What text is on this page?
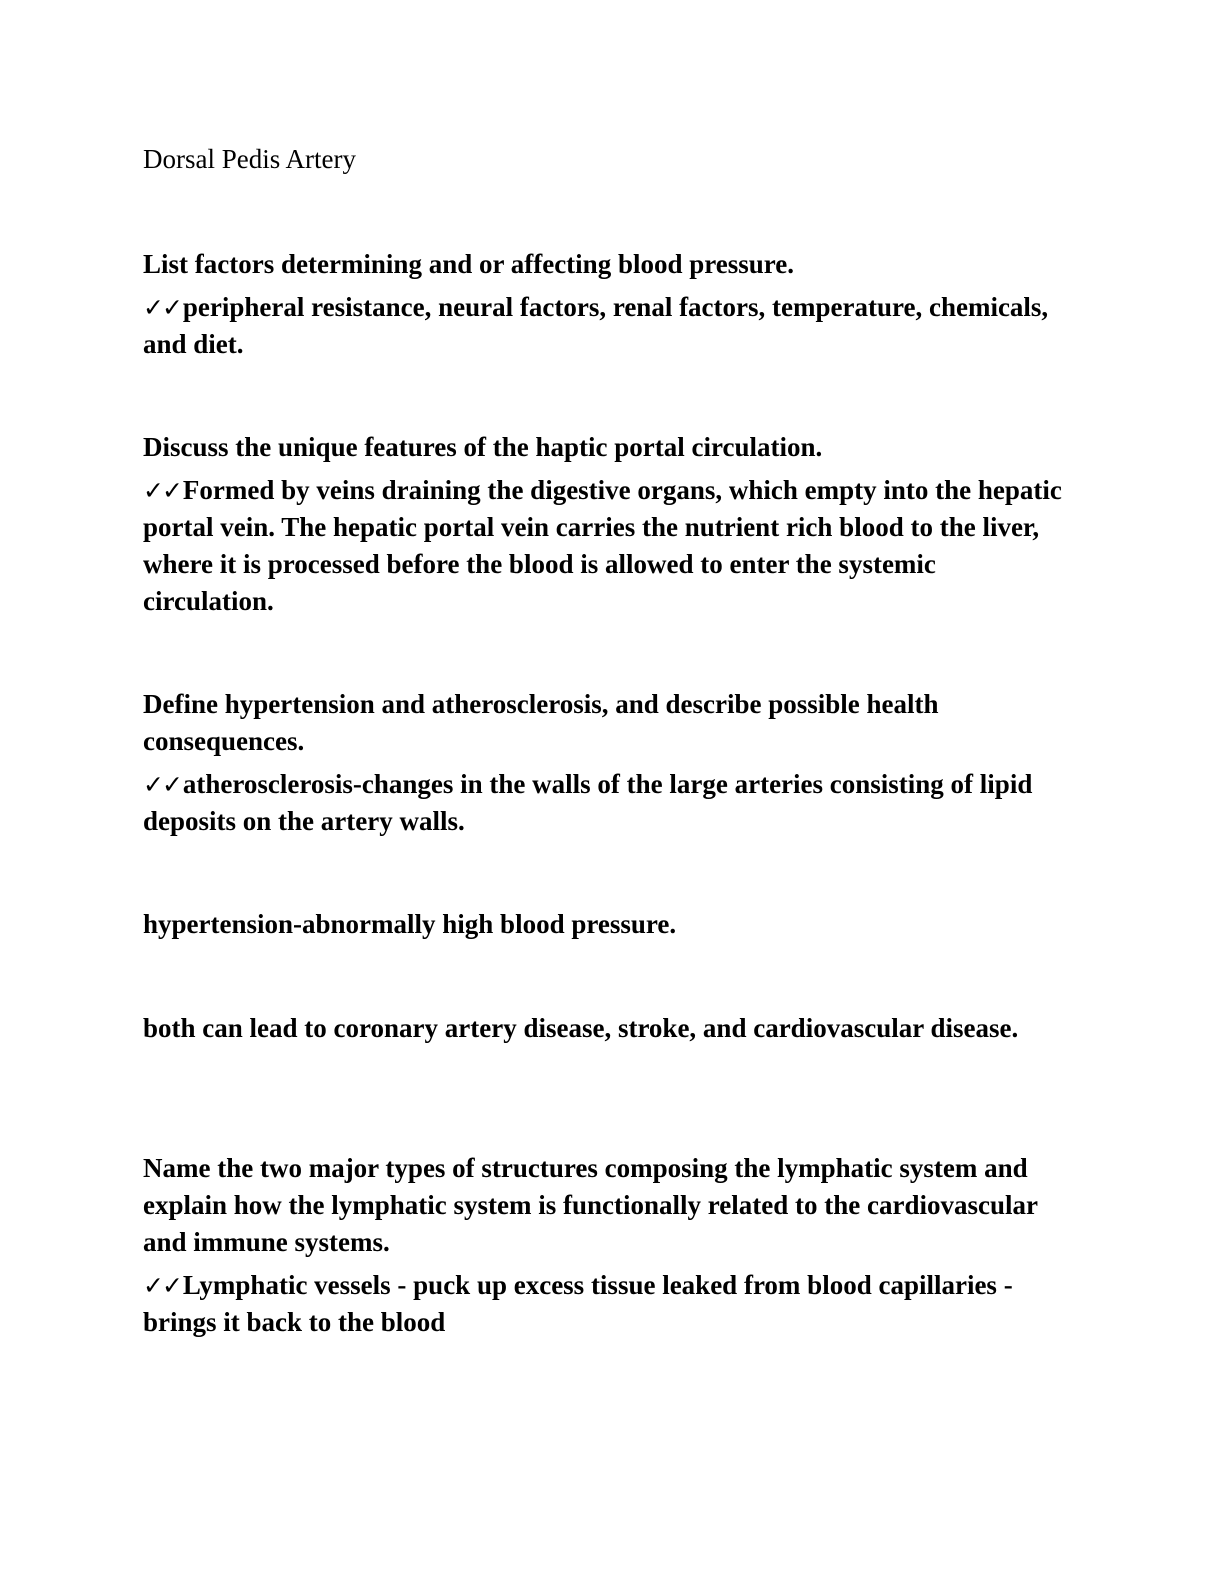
Dorsal Pedis Artery

List factors determining and or affecting blood pressure.

✓✓peripheral resistance, neural factors, renal factors, temperature, chemicals, and diet.

Discuss the unique features of the haptic portal circulation.

✓✓Formed by veins draining the digestive organs, which empty into the hepatic portal vein. The hepatic portal vein carries the nutrient rich blood to the liver, where it is processed before the blood is allowed to enter the systemic circulation.

Define hypertension and atherosclerosis, and describe possible health consequences.

✓✓atherosclerosis-changes in the walls of the large arteries consisting of lipid deposits on the artery walls.

hypertension-abnormally high blood pressure.

both can lead to coronary artery disease, stroke, and cardiovascular disease.

Name the two major types of structures composing the lymphatic system and explain how the lymphatic system is functionally related to the cardiovascular and immune systems.

✓✓Lymphatic vessels - puck up excess tissue leaked from blood capillaries - brings it back to the blood
